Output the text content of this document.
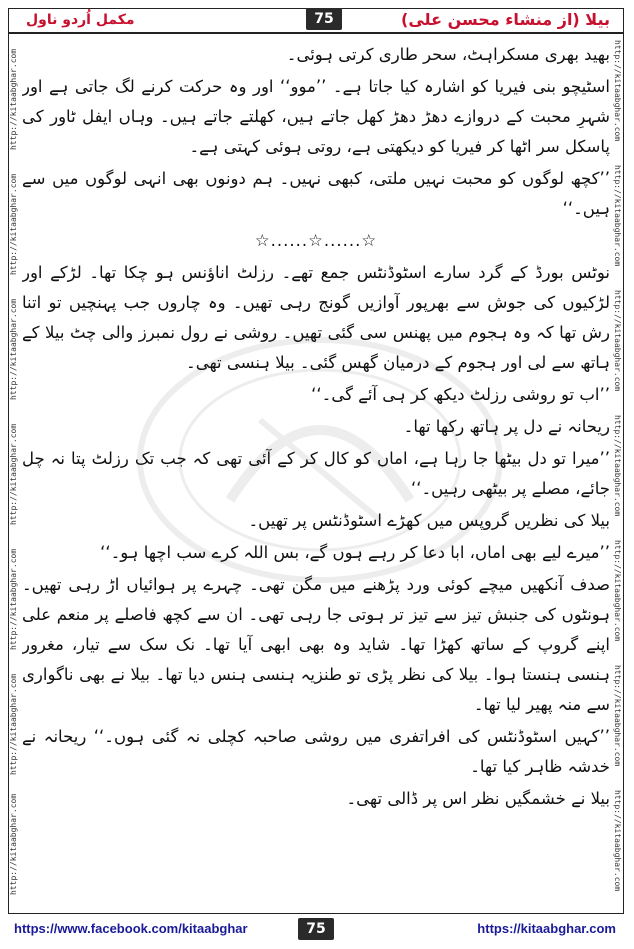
مکمل اُردو ناول	75	بیلا (از منشاء محسن علی)
http://kitaabghar.com
http://kitaabghar.com
http://kitaabghar.com
http://kitaabghar.com
http://kitaabghar.com
http://kitaabghar.com
http://kitaabghar.com
http://kitaabghar.com
http://kitaabghar.com
http://kitaabghar.com
http://kitaabghar.com
http://kitaabghar.com
http://kitaabghar.com
http://kitaabghar.com

بھید بھری مسکراہٹ، سحر طاری کرتی ہوئی۔

اسٹیچو بنی فیریا کو اشارہ کیا جاتا ہے۔ ’’موو‘‘ اور وہ حرکت کرنے لگ جاتی ہے اور شہرِ محبت کے دروازے دھڑ دھڑ کھل جاتے ہیں، کھلتے جاتے ہیں۔ وہاں ایفل ٹاور کی پاسکل سر اٹھا کر فیریا کو دیکھتی ہے، روتی ہوئی کہتی ہے۔

’’کچھ لوگوں کو محبت نہیں ملتی، کبھی نہیں۔ ہم دونوں بھی انہی لوگوں میں سے ہیں۔‘‘

☆......☆......☆

نوٹس بورڈ کے گرد سارے اسٹوڈنٹس جمع تھے۔ رزلٹ اناؤنس ہو چکا تھا۔ لڑکے اور لڑکیوں کی جوش سے بھرپور آوازیں گونج رہی تھیں۔ وہ چاروں جب پہنچیں تو اتنا رش تھا کہ وہ ہجوم میں پھنس سی گئی تھیں۔ روشی نے رول نمبرز والی چٹ بیلا کے ہاتھ سے لی اور ہجوم کے درمیان گھس گئی۔ بیلا ہنسی تھی۔

’’اب تو روشی رزلٹ دیکھ کر ہی آئے گی۔‘‘

ریحانہ نے دل پر ہاتھ رکھا تھا۔

’’میرا تو دل بیٹھا جا رہا ہے، اماں کو کال کر کے آئی تھی کہ جب تک رزلٹ پتا نہ چل جائے، مصلے پر بیٹھی رہیں۔‘‘

بیلا کی نظریں گروپس میں کھڑے اسٹوڈنٹس پر تھیں۔

’’میرے لیے بھی اماں، ابا دعا کر رہے ہوں گے، بس اللہ کرے سب اچھا ہو۔‘‘

صدف آنکھیں میچے کوئی ورد پڑھنے میں مگن تھی۔ چہرے پر ہوائیاں اڑ رہی تھیں۔ ہونٹوں کی جنبش تیز سے تیز تر ہوتی جا رہی تھی۔ ان سے کچھ فاصلے پر منعم علی اپنے گروپ کے ساتھ کھڑا تھا۔ شاید وہ بھی ابھی آیا تھا۔ نک سک سے تیار، مغرور ہنسی ہنستا ہوا۔ بیلا کی نظر پڑی تو طنزیہ ہنسی ہنس دیا تھا۔ بیلا نے بھی ناگواری سے منہ پھیر لیا تھا۔

’’کہیں اسٹوڈنٹس کی افراتفری میں روشی صاحبہ کچلی نہ گئی ہوں۔‘‘ ریحانہ نے خدشہ ظاہر کیا تھا۔

بیلا نے خشمگیں نظر اس پر ڈالی تھی۔

https://www.facebook.com/kitaabghar	75	https://kitaabghar.com
